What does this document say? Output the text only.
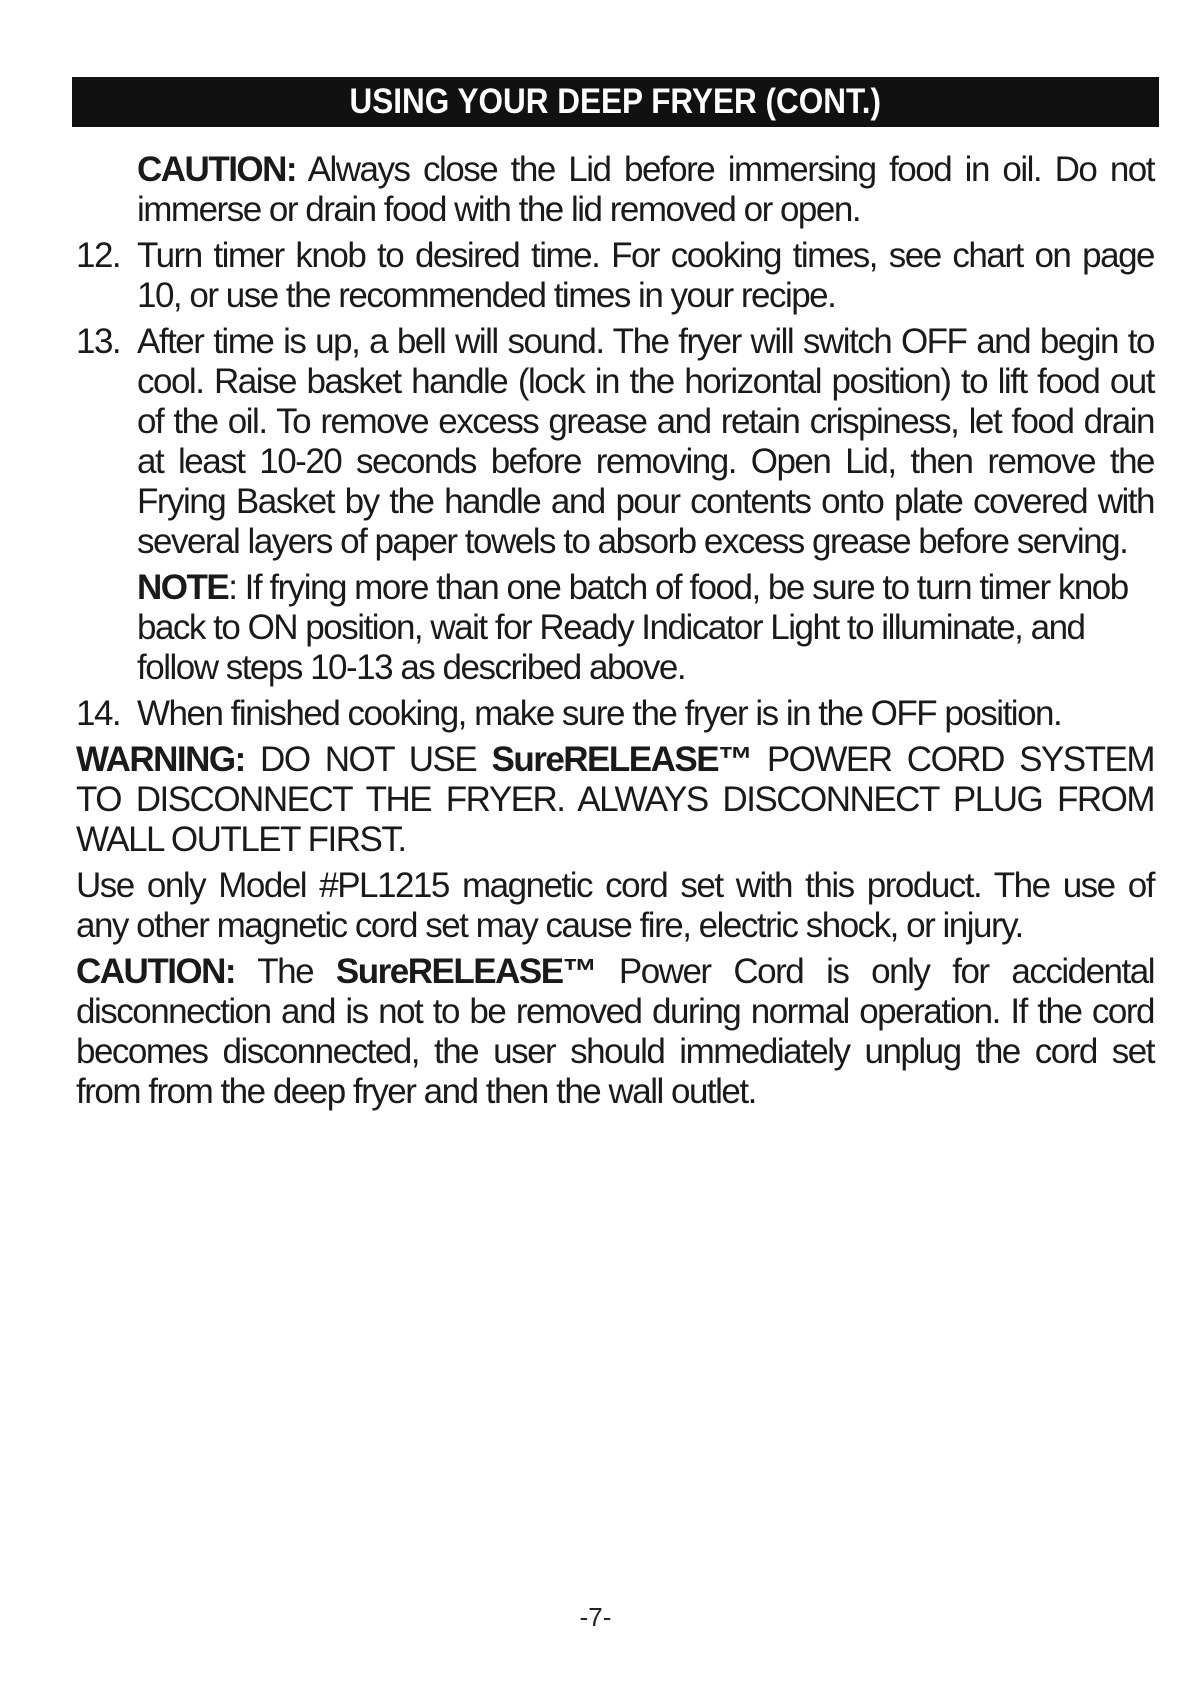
USING YOUR DEEP FRYER (CONT.)

CAUTION: Always close the Lid before immersing food in oil. Do not immerse or drain food with the lid removed or open.

12. Turn timer knob to desired time. For cooking times, see chart on page 10, or use the recommended times in your recipe.
13. After time is up, a bell will sound. The fryer will switch OFF and begin to cool. Raise basket handle (lock in the horizontal position) to lift food out of the oil. To remove excess grease and retain crispiness, let food drain at least 10-20 seconds before removing. Open Lid, then remove the Frying Basket by the handle and pour contents onto plate covered with several layers of paper towels to absorb excess grease before serving.

NOTE: If frying more than one batch of food, be sure to turn timer knob back to ON position, wait for Ready Indicator Light to illuminate, and follow steps 10-13 as described above.

14. When finished cooking, make sure the fryer is in the OFF position.

WARNING: DO NOT USE SureRELEASE™ POWER CORD SYSTEM TO DISCONNECT THE FRYER. ALWAYS DISCONNECT PLUG FROM WALL OUTLET FIRST.

Use only Model #PL1215 magnetic cord set with this product. The use of any other magnetic cord set may cause fire, electric shock, or injury.

CAUTION: The SureRELEASE™ Power Cord is only for accidental disconnection and is not to be removed during normal operation. If the cord becomes disconnected, the user should immediately unplug the cord set from from the deep fryer and then the wall outlet.

-7-
